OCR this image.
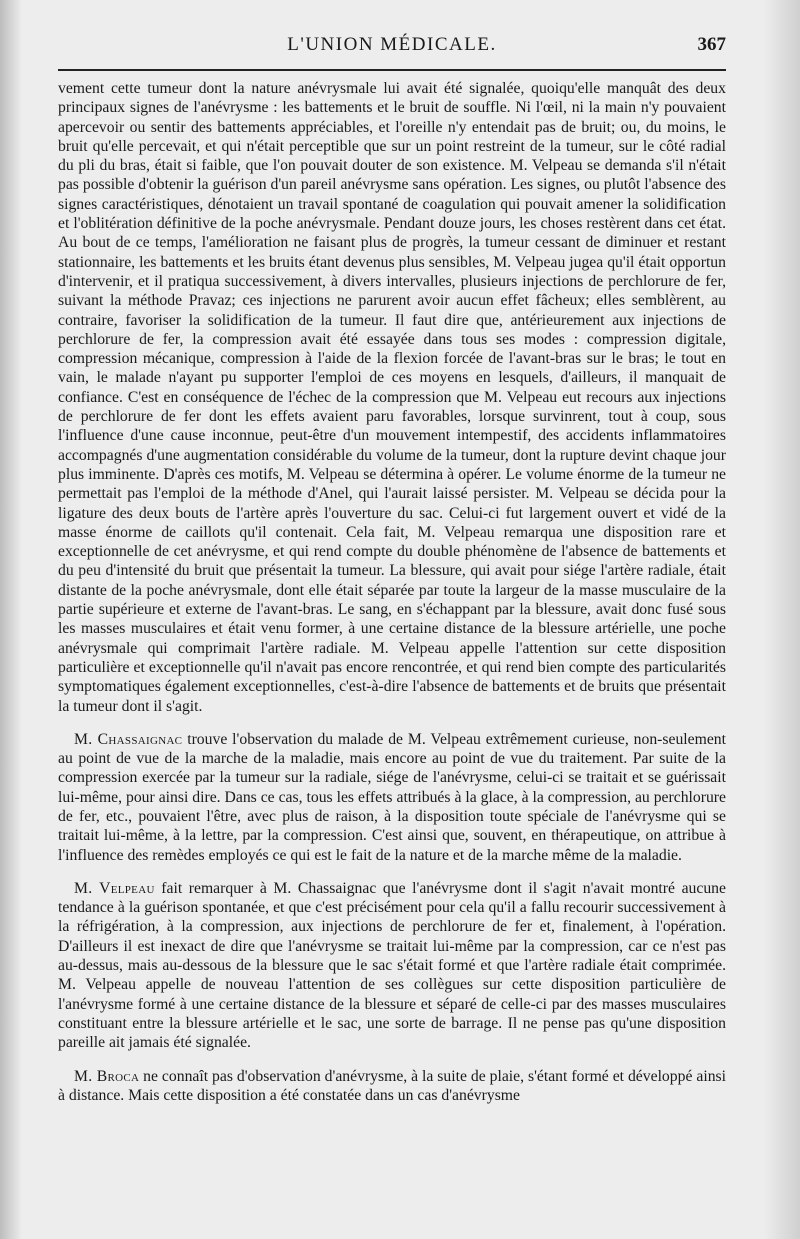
L'UNION MÉDICALE.	367

vement cette tumeur dont la nature anévrysmale lui avait été signalée, quoiqu'elle manquât des deux principaux signes de l'anévrysme : les battements et le bruit de souffle. Ni l'œil, ni la main n'y pouvaient apercevoir ou sentir des battements appréciables, et l'oreille n'y entendait pas de bruit; ou, du moins, le bruit qu'elle percevait, et qui n'était perceptible que sur un point restreint de la tumeur, sur le côté radial du pli du bras, était si faible, que l'on pouvait douter de son existence. M. Velpeau se demanda s'il n'était pas possible d'obtenir la guérison d'un pareil anévrysme sans opération. Les signes, ou plutôt l'absence des signes caractéristiques, dénotaient un travail spontané de coagulation qui pouvait amener la solidification et l'oblitération définitive de la poche anévrysmale. Pendant douze jours, les choses restèrent dans cet état. Au bout de ce temps, l'amélioration ne faisant plus de progrès, la tumeur cessant de diminuer et restant stationnaire, les battements et les bruits étant devenus plus sensibles, M. Velpeau jugea qu'il était opportun d'intervenir, et il pratiqua successivement, à divers intervalles, plusieurs injections de perchlorure de fer, suivant la méthode Pravaz; ces injections ne parurent avoir aucun effet fâcheux; elles semblèrent, au contraire, favoriser la solidification de la tumeur. Il faut dire que, antérieurement aux injections de perchlorure de fer, la compression avait été essayée dans tous ses modes : compression digitale, compression mécanique, compression à l'aide de la flexion forcée de l'avant-bras sur le bras; le tout en vain, le malade n'ayant pu supporter l'emploi de ces moyens en lesquels, d'ailleurs, il manquait de confiance. C'est en conséquence de l'échec de la compression que M. Velpeau eut recours aux injections de perchlorure de fer dont les effets avaient paru favorables, lorsque survinrent, tout à coup, sous l'influence d'une cause inconnue, peut-être d'un mouvement intempestif, des accidents inflammatoires accompagnés d'une augmentation considérable du volume de la tumeur, dont la rupture devint chaque jour plus imminente. D'après ces motifs, M. Velpeau se détermina à opérer. Le volume énorme de la tumeur ne permettait pas l'emploi de la méthode d'Anel, qui l'aurait laissé persister. M. Velpeau se décida pour la ligature des deux bouts de l'artère après l'ouverture du sac. Celui-ci fut largement ouvert et vidé de la masse énorme de caillots qu'il contenait. Cela fait, M. Velpeau remarqua une disposition rare et exceptionnelle de cet anévrysme, et qui rend compte du double phénomène de l'absence de battements et du peu d'intensité du bruit que présentait la tumeur. La blessure, qui avait pour siége l'artère radiale, était distante de la poche anévrysmale, dont elle était séparée par toute la largeur de la masse musculaire de la partie supérieure et externe de l'avant-bras. Le sang, en s'échappant par la blessure, avait donc fusé sous les masses musculaires et était venu former, à une certaine distance de la blessure artérielle, une poche anévrysmale qui comprimait l'artère radiale. M. Velpeau appelle l'attention sur cette disposition particulière et exceptionnelle qu'il n'avait pas encore rencontrée, et qui rend bien compte des particularités symptomatiques également exceptionnelles, c'est-à-dire l'absence de battements et de bruits que présentait la tumeur dont il s'agit.

M. Chassaignac trouve l'observation du malade de M. Velpeau extrêmement curieuse, non-seulement au point de vue de la marche de la maladie, mais encore au point de vue du traitement. Par suite de la compression exercée par la tumeur sur la radiale, siége de l'anévrysme, celui-ci se traitait et se guérissait lui-même, pour ainsi dire. Dans ce cas, tous les effets attribués à la glace, à la compression, au perchlorure de fer, etc., pouvaient l'être, avec plus de raison, à la disposition toute spéciale de l'anévrysme qui se traitait lui-même, à la lettre, par la compression. C'est ainsi que, souvent, en thérapeutique, on attribue à l'influence des remèdes employés ce qui est le fait de la nature et de la marche même de la maladie.

M. Velpeau fait remarquer à M. Chassaignac que l'anévrysme dont il s'agit n'avait montré aucune tendance à la guérison spontanée, et que c'est précisément pour cela qu'il a fallu recourir successivement à la réfrigération, à la compression, aux injections de perchlorure de fer et, finalement, à l'opération. D'ailleurs il est inexact de dire que l'anévrysme se traitait lui-même par la compression, car ce n'est pas au-dessus, mais au-dessous de la blessure que le sac s'était formé et que l'artère radiale était comprimée. M. Velpeau appelle de nouveau l'attention de ses collègues sur cette disposition particulière de l'anévrysme formé à une certaine distance de la blessure et séparé de celle-ci par des masses musculaires constituant entre la blessure artérielle et le sac, une sorte de barrage. Il ne pense pas qu'une disposition pareille ait jamais été signalée.

M. Broca ne connaît pas d'observation d'anévrysme, à la suite de plaie, s'étant formé et développé ainsi à distance. Mais cette disposition a été constatée dans un cas d'anévrysme
